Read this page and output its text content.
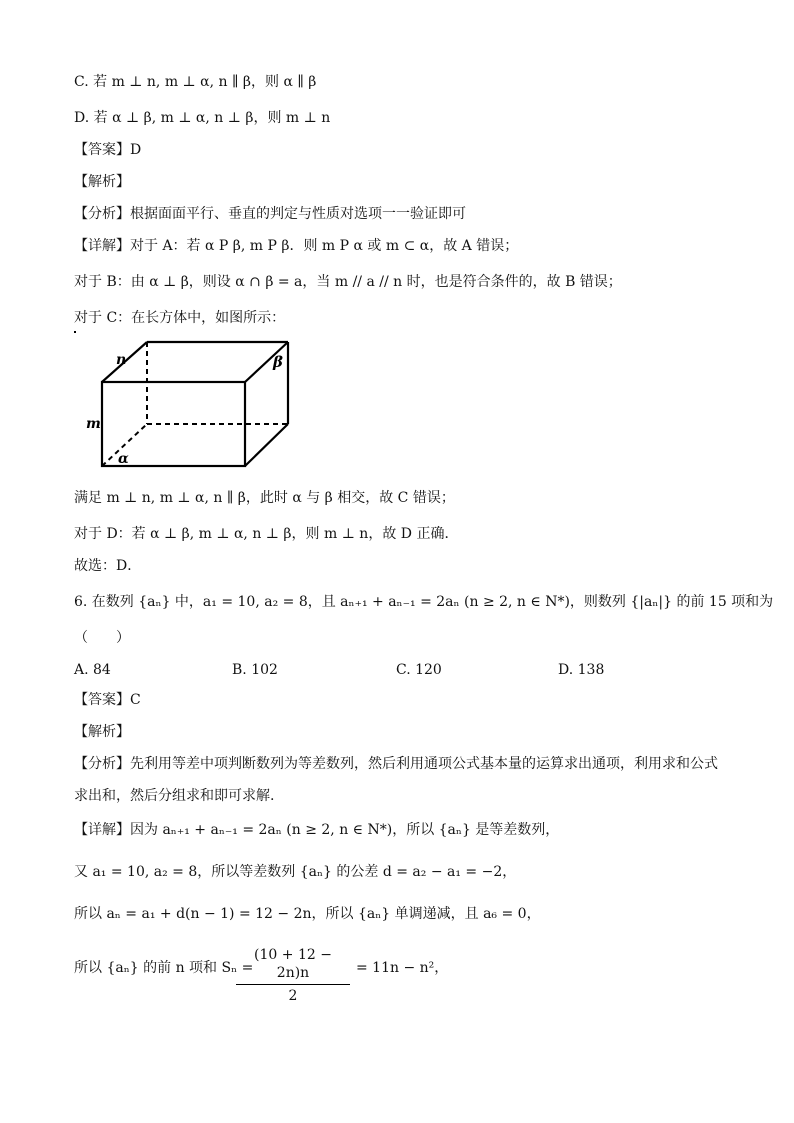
C. 若 m ⊥ n, m ⊥ α, n ∥ β，则 α ∥ β
D. 若 α ⊥ β, m ⊥ α, n ⊥ β，则 m ⊥ n
【答案】D
【解析】
【分析】根据面面平行、垂直的判定与性质对选项一一验证即可
【详解】对于 A：若 α P β, m P β．则 m P α 或 m ⊂ α，故 A 错误；
对于 B：由 α ⊥ β，则设 α ∩ β = a，当 m // a // n 时，也是符合条件的，故 B 错误；
对于 C：在长方体中，如图所示：
n	β
m
α
满足 m ⊥ n, m ⊥ α, n ∥ β，此时 α 与 β 相交，故 C 错误；
对于 D：若 α ⊥ β, m ⊥ α, n ⊥ β，则 m ⊥ n，故 D 正确．
故选：D．
6. 在数列 {aₙ} 中，a₁ = 10, a₂ = 8，且 aₙ₊₁ + aₙ₋₁ = 2aₙ (n ≥ 2, n ∈ N*)，则数列 {|aₙ|} 的前 15 项和为
（　　）
A. 84	B. 102	C. 120	D. 138
【答案】C
【解析】
【分析】先利用等差中项判断数列为等差数列，然后利用通项公式基本量的运算求出通项，利用求和公式
求出和，然后分组求和即可求解.
【详解】因为 aₙ₊₁ + aₙ₋₁ = 2aₙ (n ≥ 2, n ∈ N*)，所以 {aₙ} 是等差数列，
又 a₁ = 10, a₂ = 8，所以等差数列 {aₙ} 的公差 d = a₂ − a₁ = −2，
所以 aₙ = a₁ + d(n − 1) = 12 − 2n，所以 {aₙ} 单调递减，且 a₆ = 0，
所以 {aₙ} 的前 n 项和 Sₙ =
(10 + 12 − 2n)n
2
= 11n − n²，
